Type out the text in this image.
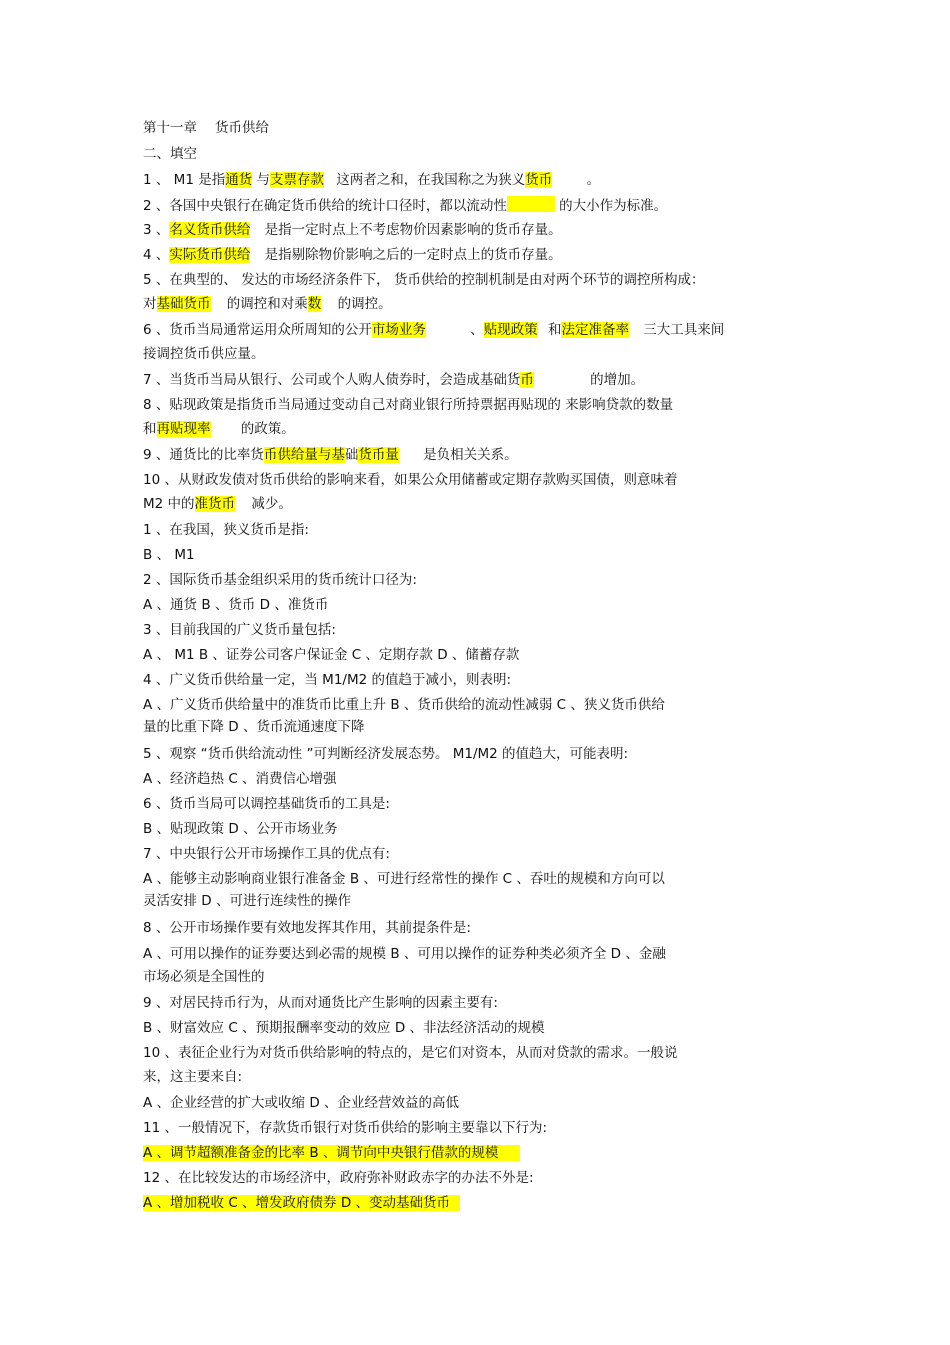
第十一章 货币供给
二、填空
1 、 M1 是指通货 与支票存款 这两者之和，在我国称之为狭义货币 。
2 、各国中央银行在确定货币供给的统计口径时，都以流动性	的大小作为标准。
3 、名义货币供给 是指一定时点上不考虑物价因素影响的货币存量。
4 、实际货币供给 是指剔除物价影响之后的一定时点上的货币存量。
5 、在典型的、 发达的市场经济条件下， 货币供给的控制机制是由对两个环节的调控所构成：
对基础货币 的调控和对乘数 的调控。
6 、货币当局通常运用众所周知的公开市场业务	、贴现政策 和法定准备率 三大工具来间
接调控货币供应量。
7 、当货币当局从银行、公司或个人购人债券时，会造成基础货币	的增加。
8 、贴现政策是指货币当局通过变动自己对商业银行所持票据再贴现的 来影响贷款的数量
和再贴现率 的政策。
9 、通货比的比率货币供给量与基础货币量 是负相关关系。
10 、从财政发债对货币供给的影响来看，如果公众用储蓄或定期存款购买国债，则意味着
M2 中的准货币 减少。
1 、在我国，狭义货币是指:
B 、 M1
2 、国际货币基金组织采用的货币统计口径为:
A 、通货 B 、货币 D 、准货币
3 、目前我国的广义货币量包括:
A 、 M1 B 、证券公司客户保证金 C 、定期存款 D 、储蓄存款
4 、广义货币供给量一定，当 M1/M2 的值趋于减小，则表明:
A 、广义货币供给量中的准货币比重上升 B 、货币供给的流动性减弱 C 、狭义货币供给
量的比重下降 D 、货币流通速度下降
5 、观察 “货币供给流动性 ”可判断经济发展态势。 M1/M2 的值趋大，可能表明:
A 、经济趋热 C 、消费信心增强
6 、货币当局可以调控基础货币的工具是:
B 、贴现政策 D 、公开市场业务
7 、中央银行公开市场操作工具的优点有:
A 、能够主动影响商业银行准备金 B 、可进行经常性的操作 C 、吞吐的规模和方向可以
灵活安排 D 、可进行连续性的操作
8 、公开市场操作要有效地发挥其作用，其前提条件是:
A 、可用以操作的证券要达到必需的规模 B 、可用以操作的证券种类必须齐全 D 、金融
市场必须是全国性的
9 、对居民持币行为，从而对通货比产生影响的因素主要有:
B 、财富效应 C 、预期报酬率变动的效应 D 、非法经济活动的规模
10 、表征企业行为对货币供给影响的特点的，是它们对资本，从而对贷款的需求。一般说
来，这主要来自:
A 、企业经营的扩大或收缩 D 、企业经营效益的高低
11 、一般情况下，存款货币银行对货币供给的影响主要靠以下行为:
A 、调节超额准备金的比率 B 、调节向中央银行借款的规模
12 、在比较发达的市场经济中，政府弥补财政赤字的办法不外是:
A 、增加税收 C 、增发政府债券 D 、变动基础货币
